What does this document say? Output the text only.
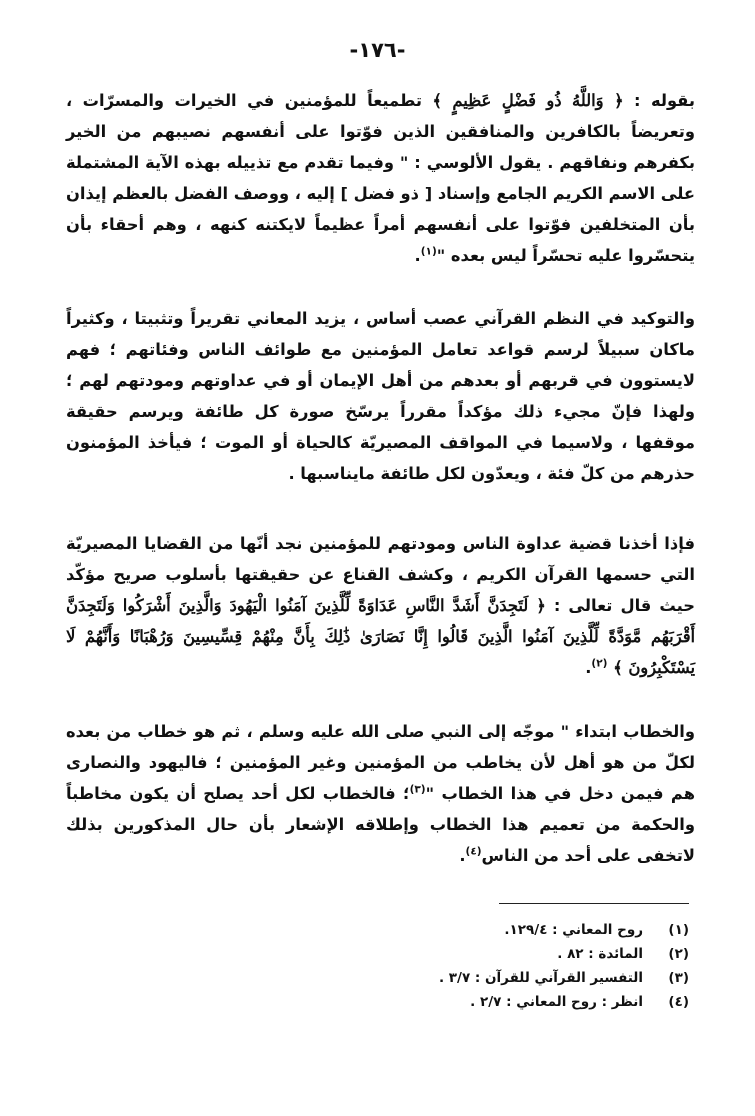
-١٧٦-

بقوله : ﴿ وَاللَّهُ ذُو فَضْلٍ عَظِيمٍ ﴾ تطميعاً للمؤمنين في الخيرات والمسرّات ، وتعريضاً بالكافرين والمنافقين الذين فوّتوا على أنفسهم نصيبهم من الخير بكفرهم ونفاقهم . يقول الألوسي : " وفيما تقدم مع تذييله بهذه الآية المشتملة على الاسم الكريم الجامع وإسناد [ ذو فضل ] إليه ، ووصف الفضل بالعظم إيذان بأن المتخلفين فوّتوا على أنفسهم أمراً عظيماً لايكتنه كنهه ، وهم أحقاء بأن يتحسّروا عليه تحسّراً ليس بعده "$^{(١)}$.

والتوكيد في النظم القرآني عصب أساس ، يزيد المعاني تقريراً وتثبيتا ، وكثيراً ماكان سبيلاً لرسم قواعد تعامل المؤمنين مع طوائف الناس وفئاتهم ؛ فهم لايستوون في قربهم أو بعدهم من أهل الإيمان أو في عداوتهم ومودتهم لهم ؛ ولهذا فإنّ مجيء ذلك مؤكداً مقرراً يرسّخ صورة كل طائفة ويرسم حقيقة موقفها ، ولاسيما في المواقف المصيريّة كالحياة أو الموت ؛ فيأخذ المؤمنون حذرهم من كلّ فئة ، ويعدّون لكل طائفة مايناسبها .

فإذا أخذنا قضية عداوة الناس ومودتهم للمؤمنين نجد أنّها من القضايا المصيريّة التي حسمها القرآن الكريم ، وكشف القناع عن حقيقتها بأسلوب صريح مؤكّد حيث قال تعالى : ﴿ لَتَجِدَنَّ أَشَدَّ النَّاسِ عَدَاوَةً لِّلَّذِينَ آمَنُوا الْيَهُودَ وَالَّذِينَ أَشْرَكُوا وَلَتَجِدَنَّ أَقْرَبَهُم مَّوَدَّةً لِّلَّذِينَ آمَنُوا الَّذِينَ قَالُوا إِنَّا نَصَارَىٰ ذَٰلِكَ بِأَنَّ مِنْهُمْ قِسِّيسِينَ وَرُهْبَانًا وَأَنَّهُمْ لَا يَسْتَكْبِرُونَ ﴾ $^{(٢)}$.

والخطاب ابتداء " موجّه إلى النبي صلى الله عليه وسلم ، ثم هو خطاب من بعده لكلّ من هو أهل لأن يخاطب من المؤمنين وغير المؤمنين ؛ فاليهود والنصارى هم فيمن دخل في هذا الخطاب "$^{(٣)}$؛ فالخطاب لكل أحد يصلح أن يكون مخاطباً والحكمة من تعميم هذا الخطاب وإطلاقه الإشعار بأن حال المذكورين بذلك لاتخفى على أحد من الناس$^{(٤)}$.

(١)
روح المعاني : ١٢٩/٤.
(٢)
المائدة : ٨٢ .
(٣)
التفسير القرآني للقرآن : ٣/٧ .
(٤)
انظر : روح المعاني : ٢/٧ .
